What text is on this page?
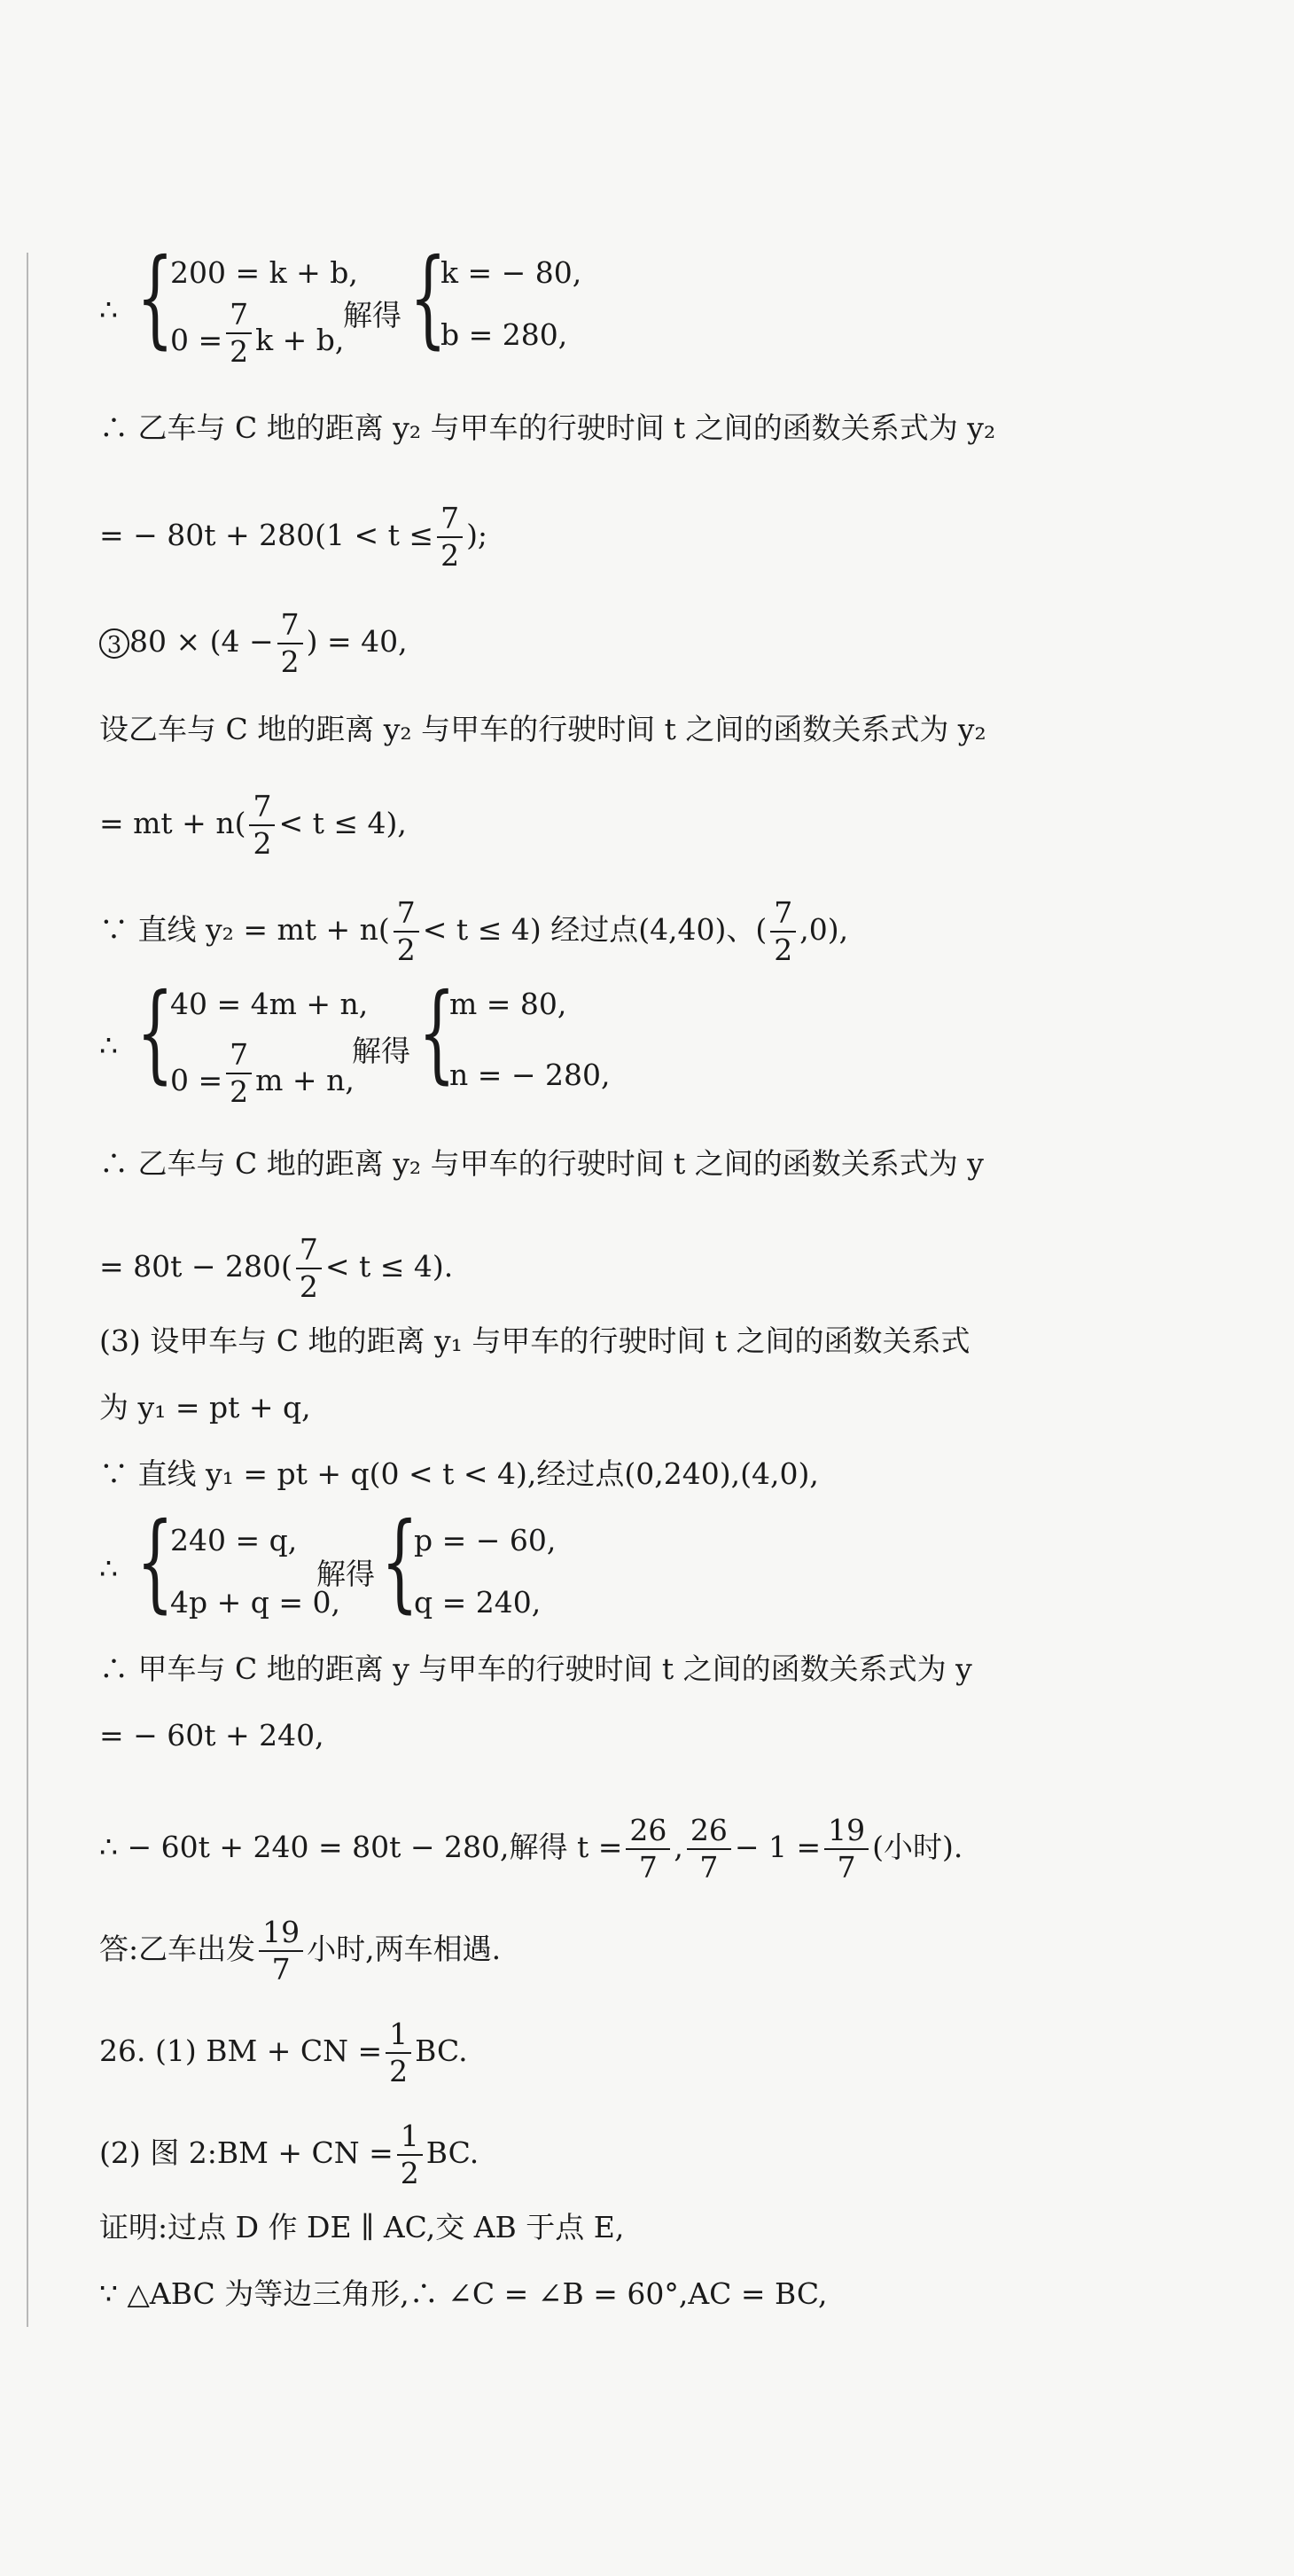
∴ {
200 = k + b,
$0 = \frac{7}{2}$ k + b,
解得 {
k = − 80,
b = 280,
∴ 乙车与 C 地的距离 y₂ 与甲车的行驶时间 t 之间的函数关系式为 y₂
= − $80t + 280(1 < t \le \frac{7}{2}$ );
3 $80 \times (4 - \frac{7}{2}$ ) = 40,
设乙车与 C 地的距离 y₂ 与甲车的行驶时间 t 之间的函数关系式为 y₂
= mt + $n( \frac{7}{2} < t \le 4)$,
∵ 直线 y₂ = mt + $n( \frac{7}{2} < t \le 4)$ 经过点(4,40)、( $\frac{7}{2} ,0$),
∴ {
40 = 4m + n,
$0 = \frac{7}{2}$ m + n,
解得 {
m = 80,
n = − 280,
∴ 乙车与 C 地的距离 y₂ 与甲车的行驶时间 t 之间的函数关系式为 y
= $80t - 280( \frac{7}{2} < t \le 4)$.
(3) 设甲车与 C 地的距离 y₁ 与甲车的行驶时间 t 之间的函数关系式
为 y₁ = pt + q,
∵ 直线 y₁ = pt + q(0 < t < 4),经过点(0,240),(4,0),
∴ {
240 = q,
4p + q = 0,
解得 {
p = − 60,
q = 240,
∴ 甲车与 C 地的距离 y 与甲车的行驶时间 t 之间的函数关系式为 y
= − 60t + 240,
∴ − 60t + 240 = 80t − 280,解得 $t = \frac{26}{7}$ , $\frac{26}{7} - 1 = \frac{19}{7}$ (小时).
答:乙车出发 $\frac{19}{7}$ 小时,两车相遇.
26. (1) BM + CN = $\frac{1}{2}$ BC.
(2) 图 2:BM + CN = $\frac{1}{2}$ BC.
证明:过点 D 作 DE ∥ AC,交 AB 于点 E,
∵ △ABC 为等边三角形,∴ ∠C = ∠B = 60°,AC = BC,
